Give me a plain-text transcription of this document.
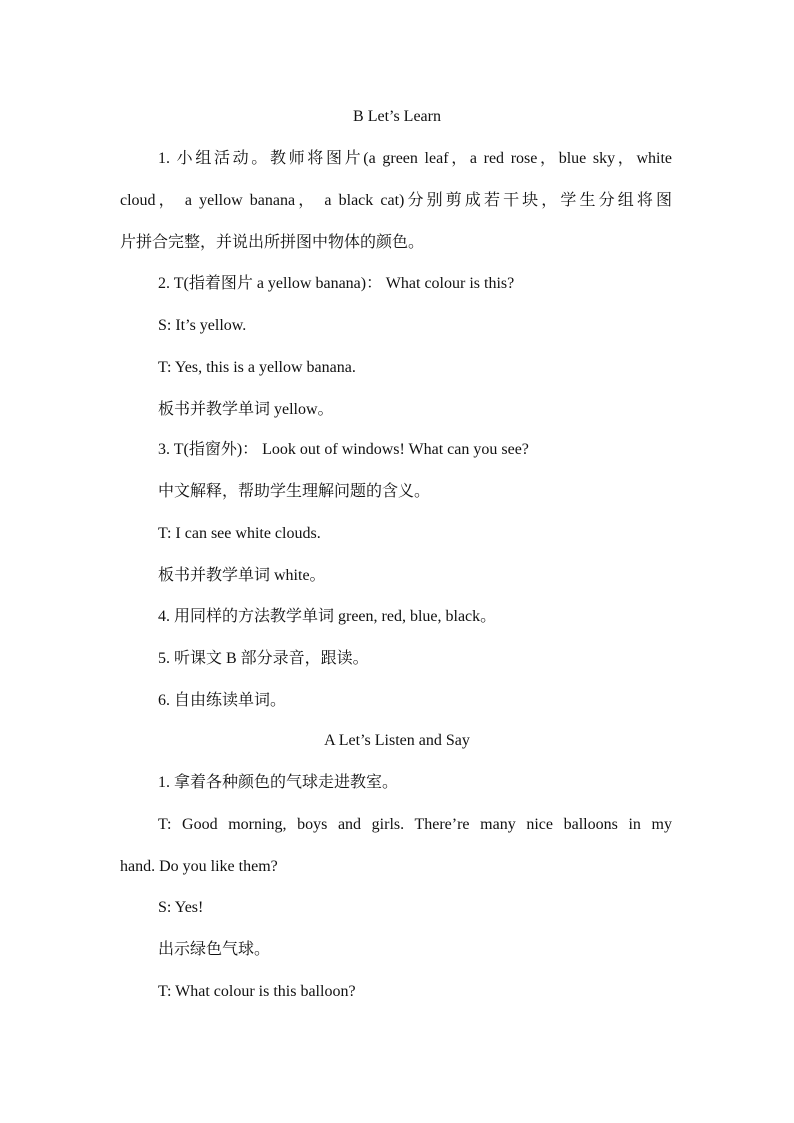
B Let’s Learn
1. 小组活动。教师将图片(a green leaf，a red rose，blue sky，white
cloud， a yellow banana， a black cat)分别剪成若干块，学生分组将图
片拼合完整，并说出所拼图中物体的颜色。
2. T(指着图片 a yellow banana)： What colour is this?
S: It’s yellow.
T: Yes, this is a yellow banana.
板书并教学单词 yellow。
3. T(指窗外)： Look out of windows! What can you see?
中文解释，帮助学生理解问题的含义。
T: I can see white clouds.
板书并教学单词 white。
4. 用同样的方法教学单词 green, red, blue, black。
5. 听课文 B 部分录音，跟读。
6. 自由练读单词。
A Let’s Listen and Say
1. 拿着各种颜色的气球走进教室。
T: Good morning, boys and girls. There’re many nice balloons in my
hand. Do you like them?
S: Yes!
出示绿色气球。
T: What colour is this balloon?
